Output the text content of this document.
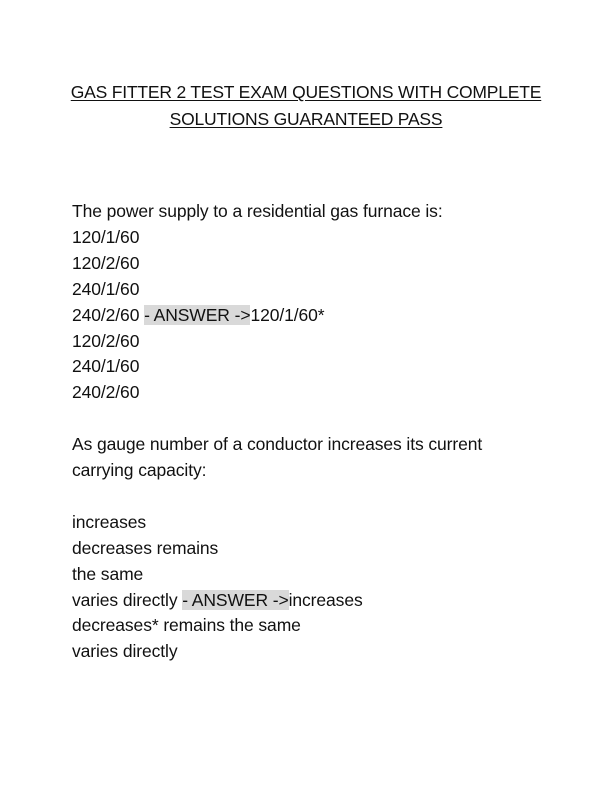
GAS FITTER 2 TEST EXAM QUESTIONS WITH COMPLETE
SOLUTIONS GUARANTEED PASS
The power supply to a residential gas furnace is:
120/1/60
120/2/60
240/1/60
240/2/60 - ANSWER ->120/1/60*
120/2/60
240/1/60
240/2/60
As gauge number of a conductor increases its current
carrying capacity:
increases
decreases remains
the same
varies directly - ANSWER ->increases
decreases* remains the same
varies directly
